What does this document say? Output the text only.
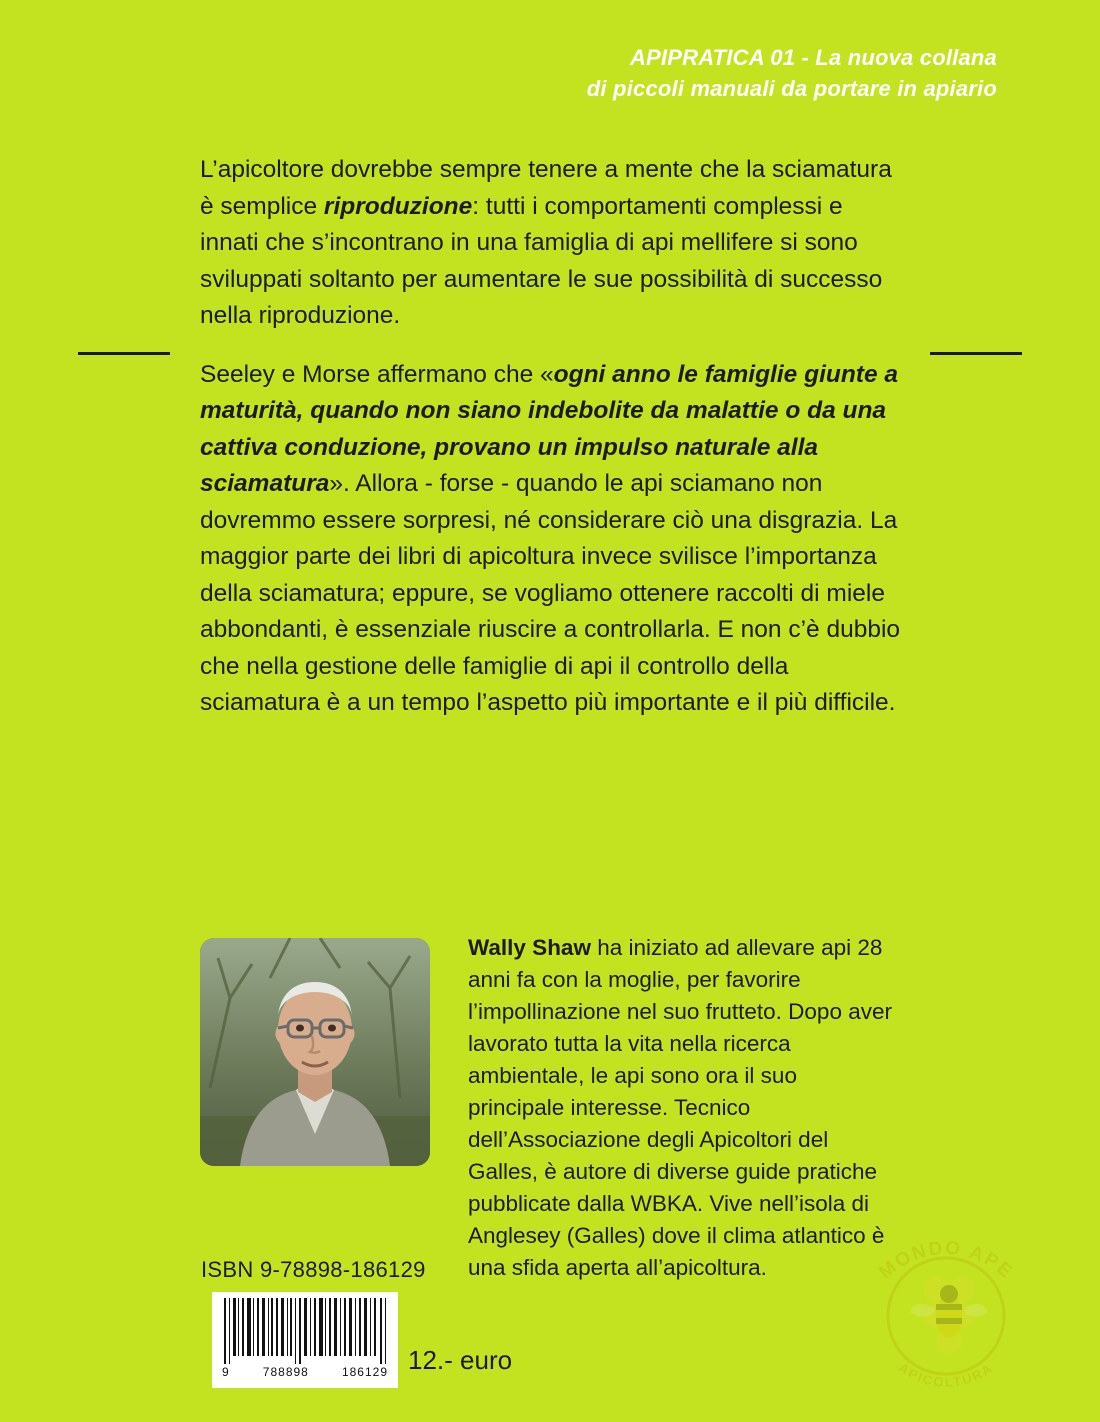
APIPRATICA 01 - La nuova collana
di piccoli manuali da portare in apiario

L’apicoltore dovrebbe sempre tenere a mente che la sciamatura è semplice riproduzione: tutti i comportamenti complessi e innati che s’incontrano in una famiglia di api mellifere si sono sviluppati soltanto per aumentare le sue possibilità di successo nella riproduzione.

Seeley e Morse affermano che «ogni anno le famiglie giunte a maturità, quando non siano indebolite da malattie o da una cattiva conduzione, provano un impulso naturale alla sciamatura». Allora - forse - quando le api sciamano non dovremmo essere sorpresi, né considerare ciò una disgrazia. La maggior parte dei libri di apicoltura invece svilisce l’importanza della sciamatura; eppure, se vogliamo ottenere raccolti di miele abbondanti, è essenziale riuscire a controllarla. E non c’è dubbio che nella gestione delle famiglie di api il controllo della sciamatura è a un tempo l’aspetto più importante e il più difficile.

Wally Shaw ha iniziato ad allevare api 28 anni fa con la moglie, per favorire l’impollinazione nel suo frutteto. Dopo aver lavorato tutta la vita nella ricerca ambientale, le api sono ora il suo principale interesse. Tecnico dell’Associazione degli Apicoltori del Galles, è autore di diverse guide pratiche pubblicate dalla WBKA. Vive nell’isola di Anglesey (Galles) dove il clima atlantico è una sfida aperta all’apicoltura.
ISBN 9-78898-186129
9	788898	186129 12.- euro
MONDO APE
APICOLTURA
